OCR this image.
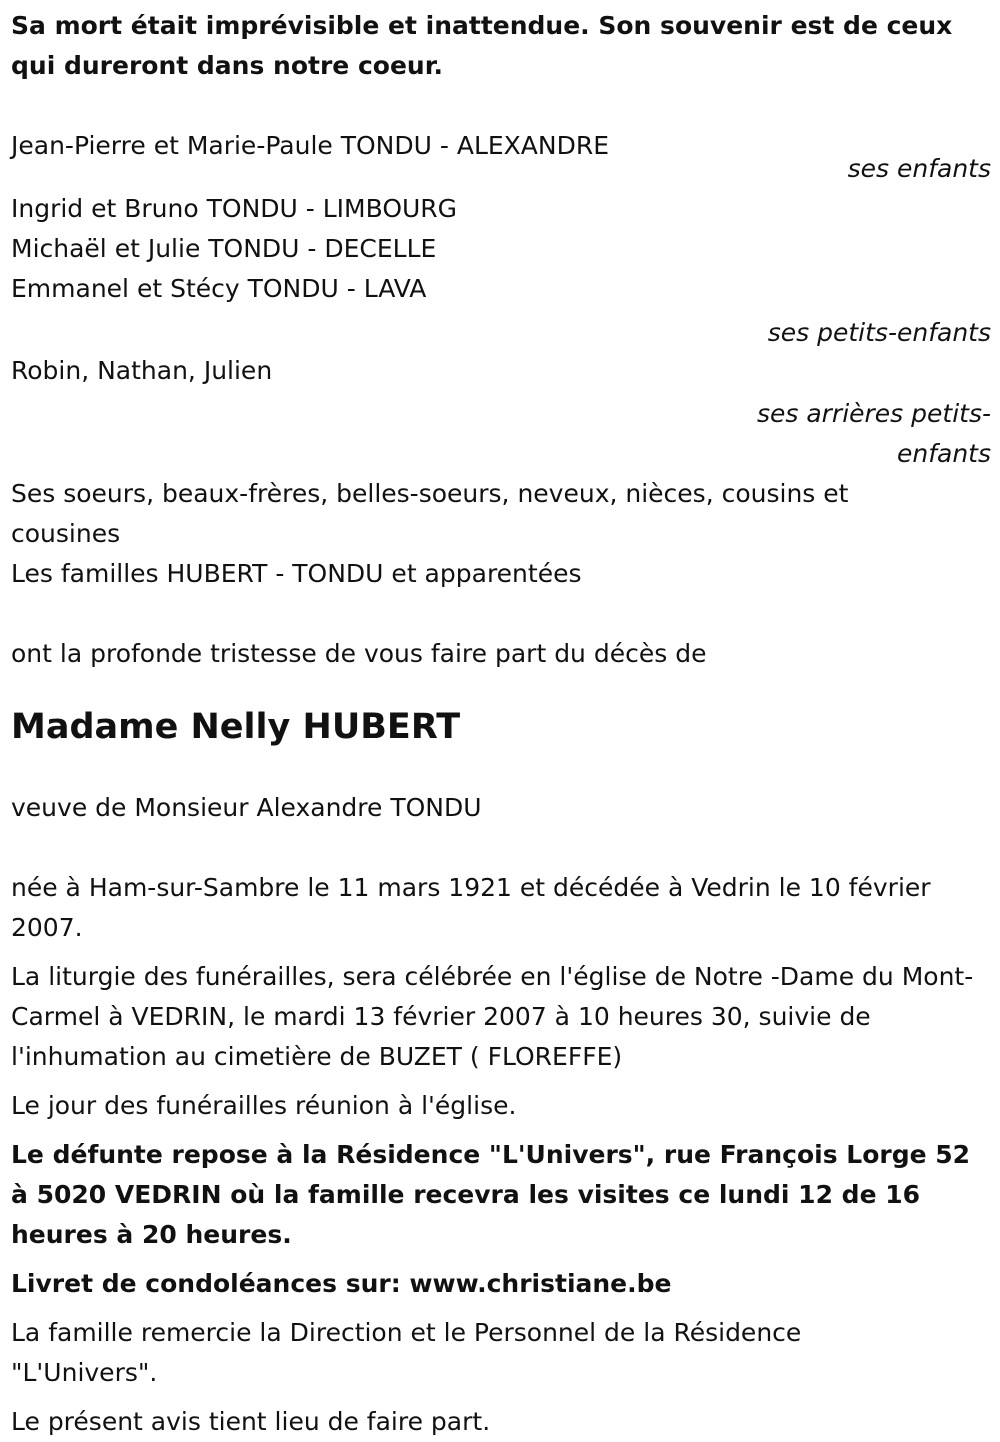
Sa mort était imprévisible et inattendue. Son souvenir est de ceux qui dureront dans notre coeur.

Jean-Pierre et Marie-Paule TONDU - ALEXANDRE

ses enfants
Ingrid et Bruno TONDU - LIMBOURG
Michaël et Julie TONDU - DECELLE
Emmanel et Stécy TONDU - LAVA
ses petits-enfants
Robin, Nathan, Julien
ses arrières petits-
enfants
Ses soeurs, beaux-frères, belles-soeurs, neveux, nièces, cousins et cousines
Les familles HUBERT - TONDU et apparentées
ont la profonde tristesse de vous faire part du décès de
Madame Nelly HUBERT
veuve de Monsieur Alexandre TONDU
née à Ham-sur-Sambre le 11 mars 1921 et décédée à Vedrin le 10 février 2007.
La liturgie des funérailles, sera célébrée en l'église de Notre -Dame du Mont-Carmel à VEDRIN, le mardi 13 février 2007 à 10 heures 30, suivie de l'inhumation au cimetière de BUZET ( FLOREFFE)
Le jour des funérailles réunion à l'église.
Le défunte repose à la Résidence "L'Univers", rue François Lorge 52 à 5020 VEDRIN où la famille recevra les visites ce lundi 12 de 16 heures à 20 heures.
Livret de condoléances sur: www.christiane.be
La famille remercie la Direction et le Personnel de la Résidence "L'Univers".
Le présent avis tient lieu de faire part.
